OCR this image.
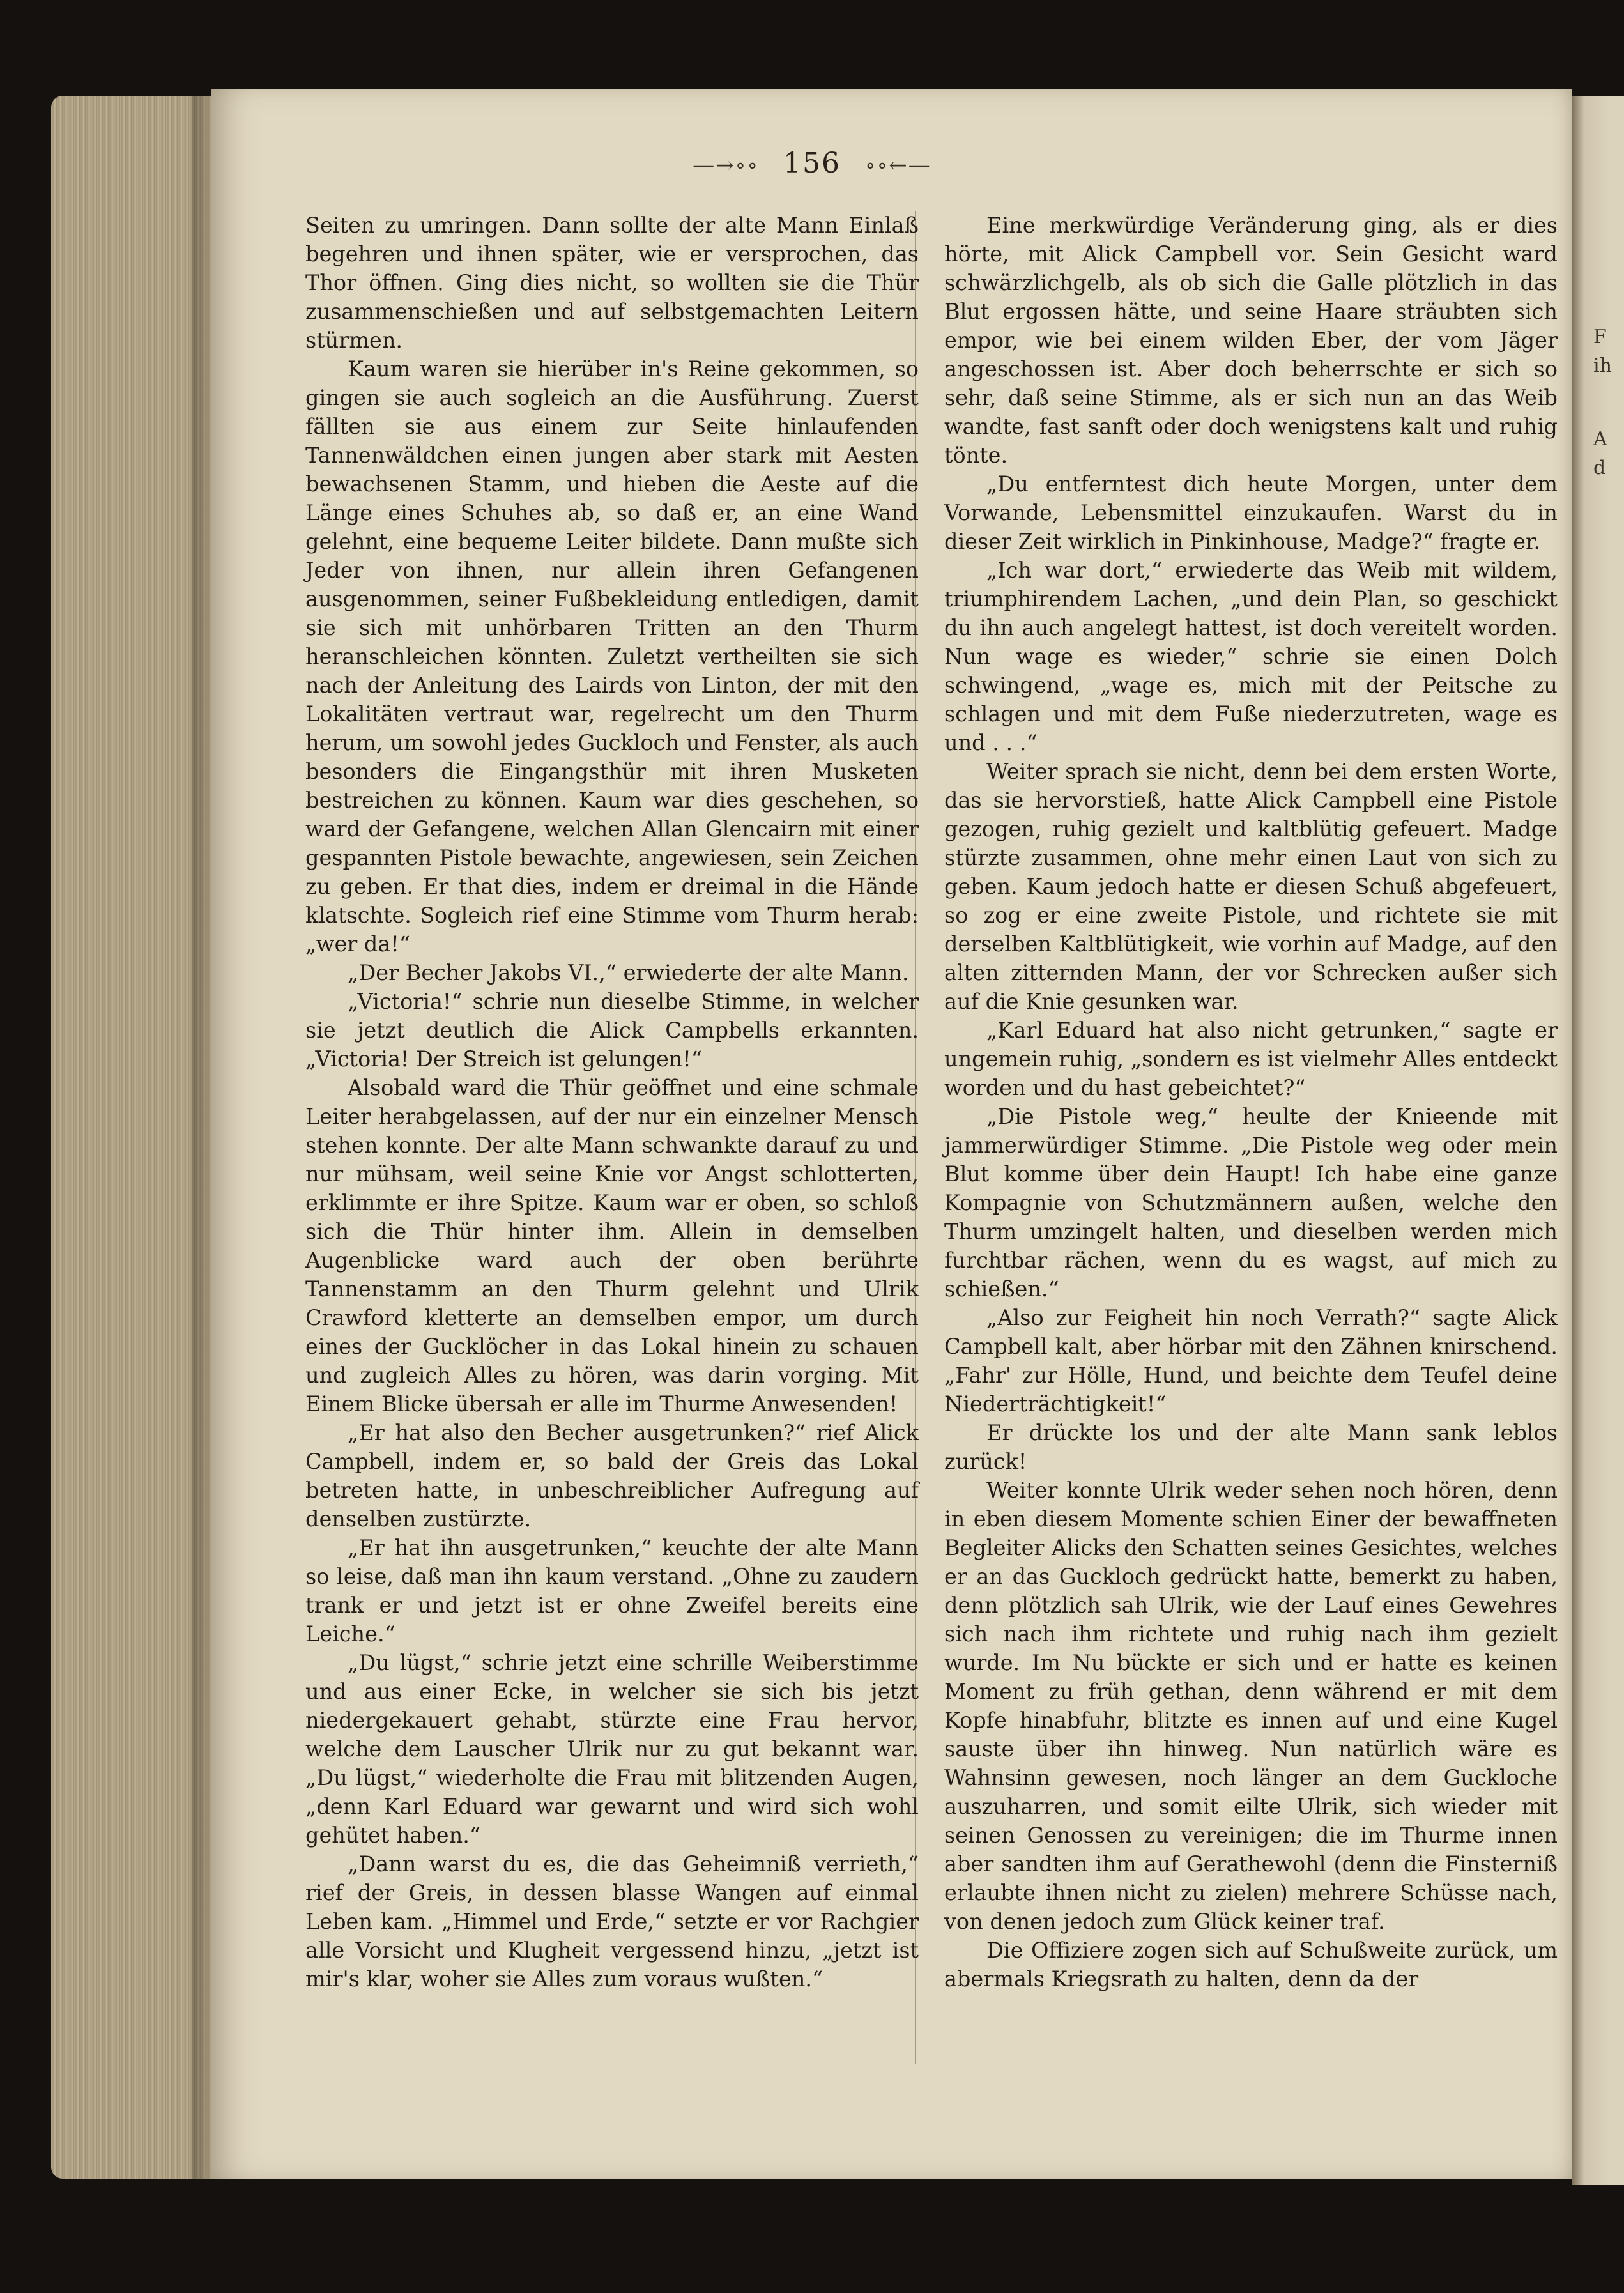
F
ih
A
d
—→∘∘ 156 ∘∘←—

Seiten zu umringen. Dann sollte der alte Mann Einlaß begehren und ihnen später, wie er versprochen, das Thor öffnen. Ging dies nicht, so wollten sie die Thür zusammenschießen und auf selbstgemachten Leitern stürmen.

Kaum waren sie hierüber in's Reine gekommen, so gingen sie auch sogleich an die Ausführung. Zuerst fällten sie aus einem zur Seite hinlaufenden Tannenwäldchen einen jungen aber stark mit Aesten bewachsenen Stamm, und hieben die Aeste auf die Länge eines Schuhes ab, so daß er, an eine Wand gelehnt, eine bequeme Leiter bildete. Dann mußte sich Jeder von ihnen, nur allein ihren Gefangenen ausgenommen, seiner Fußbekleidung entledigen, damit sie sich mit unhörbaren Tritten an den Thurm heranschleichen könnten. Zuletzt vertheilten sie sich nach der Anleitung des Lairds von Linton, der mit den Lokalitäten vertraut war, regelrecht um den Thurm herum, um sowohl jedes Guckloch und Fenster, als auch besonders die Eingangsthür mit ihren Musketen bestreichen zu können. Kaum war dies geschehen, so ward der Gefangene, welchen Allan Glencairn mit einer gespannten Pistole bewachte, angewiesen, sein Zeichen zu geben. Er that dies, indem er dreimal in die Hände klatschte. Sogleich rief eine Stimme vom Thurm herab: „wer da!“

„Der Becher Jakobs VI.,“ erwiederte der alte Mann.

„Victoria!“ schrie nun dieselbe Stimme, in welcher sie jetzt deutlich die Alick Campbells erkannten. „Victoria! Der Streich ist gelungen!“

Alsobald ward die Thür geöffnet und eine schmale Leiter herabgelassen, auf der nur ein einzelner Mensch stehen konnte. Der alte Mann schwankte darauf zu und nur mühsam, weil seine Knie vor Angst schlotterten, erklimmte er ihre Spitze. Kaum war er oben, so schloß sich die Thür hinter ihm. Allein in demselben Augenblicke ward auch der oben berührte Tannenstamm an den Thurm gelehnt und Ulrik Crawford kletterte an demselben empor, um durch eines der Gucklöcher in das Lokal hinein zu schauen und zugleich Alles zu hören, was darin vorging. Mit Einem Blicke übersah er alle im Thurme Anwesenden!

„Er hat also den Becher ausgetrunken?“ rief Alick Campbell, indem er, so bald der Greis das Lokal betreten hatte, in unbeschreiblicher Aufregung auf denselben zustürzte.

„Er hat ihn ausgetrunken,“ keuchte der alte Mann so leise, daß man ihn kaum verstand. „Ohne zu zaudern trank er und jetzt ist er ohne Zweifel bereits eine Leiche.“

„Du lügst,“ schrie jetzt eine schrille Weiberstimme und aus einer Ecke, in welcher sie sich bis jetzt niedergekauert gehabt, stürzte eine Frau hervor, welche dem Lauscher Ulrik nur zu gut bekannt war. „Du lügst,“ wiederholte die Frau mit blitzenden Augen, „denn Karl Eduard war gewarnt und wird sich wohl gehütet haben.“

„Dann warst du es, die das Geheimniß verrieth,“ rief der Greis, in dessen blasse Wangen auf einmal Leben kam. „Himmel und Erde,“ setzte er vor Rachgier alle Vorsicht und Klugheit vergessend hinzu, „jetzt ist mir's klar, woher sie Alles zum voraus wußten.“

Eine merkwürdige Veränderung ging, als er dies hörte, mit Alick Campbell vor. Sein Gesicht ward schwärzlichgelb, als ob sich die Galle plötzlich in das Blut ergossen hätte, und seine Haare sträubten sich empor, wie bei einem wilden Eber, der vom Jäger angeschossen ist. Aber doch beherrschte er sich so sehr, daß seine Stimme, als er sich nun an das Weib wandte, fast sanft oder doch wenigstens kalt und ruhig tönte.

„Du entferntest dich heute Morgen, unter dem Vorwande, Lebensmittel einzukaufen. Warst du in dieser Zeit wirklich in Pinkinhouse, Madge?“ fragte er.

„Ich war dort,“ erwiederte das Weib mit wildem, triumphirendem Lachen, „und dein Plan, so geschickt du ihn auch angelegt hattest, ist doch vereitelt worden. Nun wage es wieder,“ schrie sie einen Dolch schwingend, „wage es, mich mit der Peitsche zu schlagen und mit dem Fuße niederzutreten, wage es und . . .“

Weiter sprach sie nicht, denn bei dem ersten Worte, das sie hervorstieß, hatte Alick Campbell eine Pistole gezogen, ruhig gezielt und kaltblütig gefeuert. Madge stürzte zusammen, ohne mehr einen Laut von sich zu geben. Kaum jedoch hatte er diesen Schuß abgefeuert, so zog er eine zweite Pistole, und richtete sie mit derselben Kaltblütigkeit, wie vorhin auf Madge, auf den alten zitternden Mann, der vor Schrecken außer sich auf die Knie gesunken war.

„Karl Eduard hat also nicht getrunken,“ sagte er ungemein ruhig, „sondern es ist vielmehr Alles entdeckt worden und du hast gebeichtet?“

„Die Pistole weg,“ heulte der Knieende mit jammerwürdiger Stimme. „Die Pistole weg oder mein Blut komme über dein Haupt! Ich habe eine ganze Kompagnie von Schutzmännern außen, welche den Thurm umzingelt halten, und dieselben werden mich furchtbar rächen, wenn du es wagst, auf mich zu schießen.“

„Also zur Feigheit hin noch Verrath?“ sagte Alick Campbell kalt, aber hörbar mit den Zähnen knirschend. „Fahr' zur Hölle, Hund, und beichte dem Teufel deine Niederträchtigkeit!“

Er drückte los und der alte Mann sank leblos zurück!

Weiter konnte Ulrik weder sehen noch hören, denn in eben diesem Momente schien Einer der bewaffneten Begleiter Alicks den Schatten seines Gesichtes, welches er an das Guckloch gedrückt hatte, bemerkt zu haben, denn plötzlich sah Ulrik, wie der Lauf eines Gewehres sich nach ihm richtete und ruhig nach ihm gezielt wurde. Im Nu bückte er sich und er hatte es keinen Moment zu früh gethan, denn während er mit dem Kopfe hinabfuhr, blitzte es innen auf und eine Kugel sauste über ihn hinweg. Nun natürlich wäre es Wahnsinn gewesen, noch länger an dem Guckloche auszuharren, und somit eilte Ulrik, sich wieder mit seinen Genossen zu vereinigen; die im Thurme innen aber sandten ihm auf Gerathewohl (denn die Finsterniß erlaubte ihnen nicht zu zielen) mehrere Schüsse nach, von denen jedoch zum Glück keiner traf.

Die Offiziere zogen sich auf Schußweite zurück, um abermals Kriegsrath zu halten, denn da der
